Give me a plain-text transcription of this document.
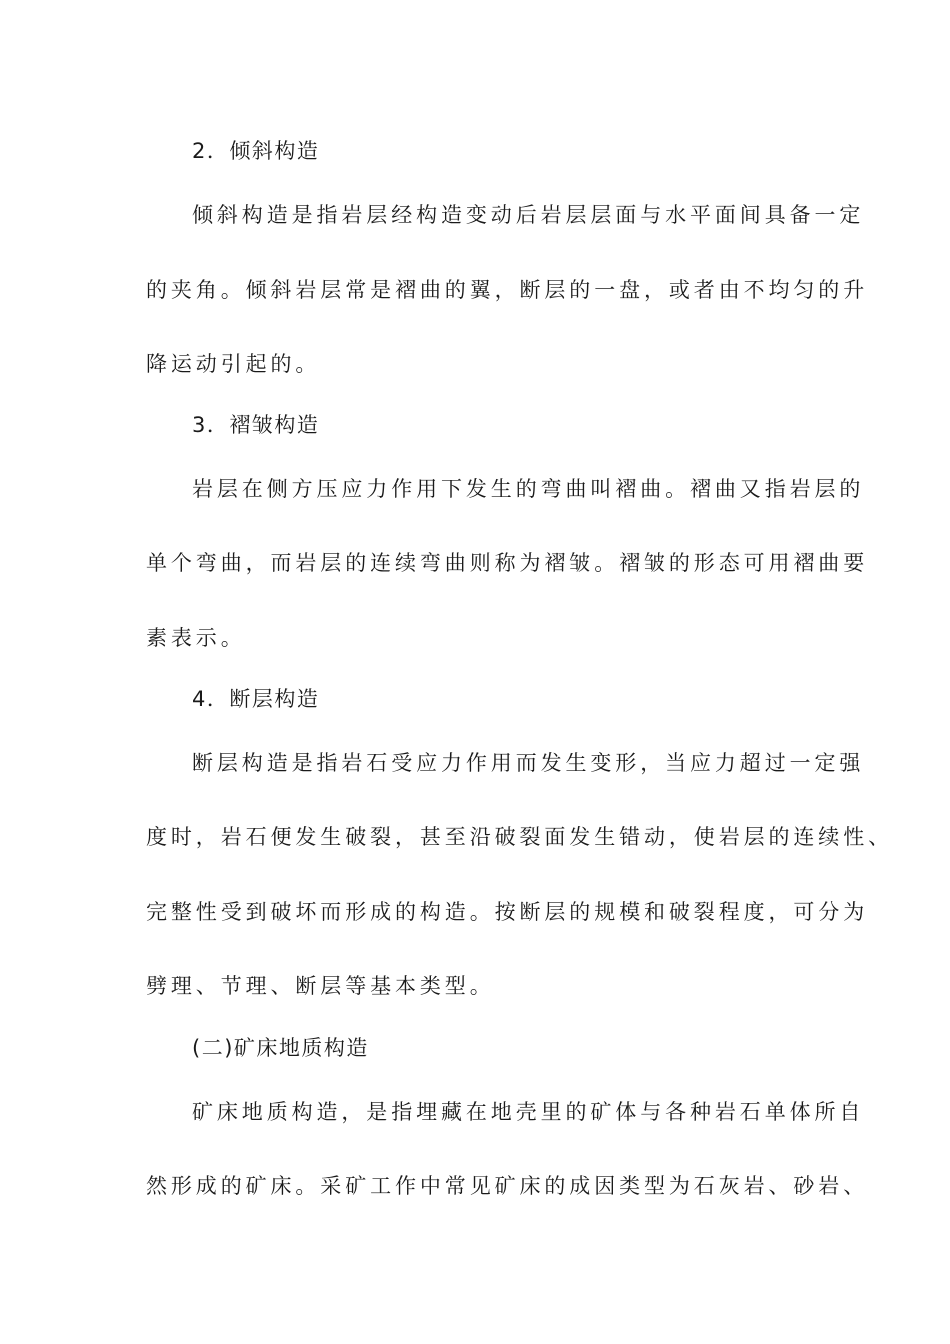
2．倾斜构造
倾斜构造是指岩层经构造变动后岩层层面与水平面间具备一定
的夹角。倾斜岩层常是褶曲的翼，断层的一盘，或者由不均匀的升
降运动引起的。
3．褶皱构造
岩层在侧方压应力作用下发生的弯曲叫褶曲。褶曲又指岩层的
单个弯曲，而岩层的连续弯曲则称为褶皱。褶皱的形态可用褶曲要
素表示。
4．断层构造
断层构造是指岩石受应力作用而发生变形，当应力超过一定强
度时，岩石便发生破裂，甚至沿破裂面发生错动，使岩层的连续性、
完整性受到破坏而形成的构造。按断层的规模和破裂程度，可分为
劈理、节理、断层等基本类型。
(二)矿床地质构造
矿床地质构造，是指埋藏在地壳里的矿体与各种岩石单体所自
然形成的矿床。采矿工作中常见矿床的成因类型为石灰岩、砂岩、
